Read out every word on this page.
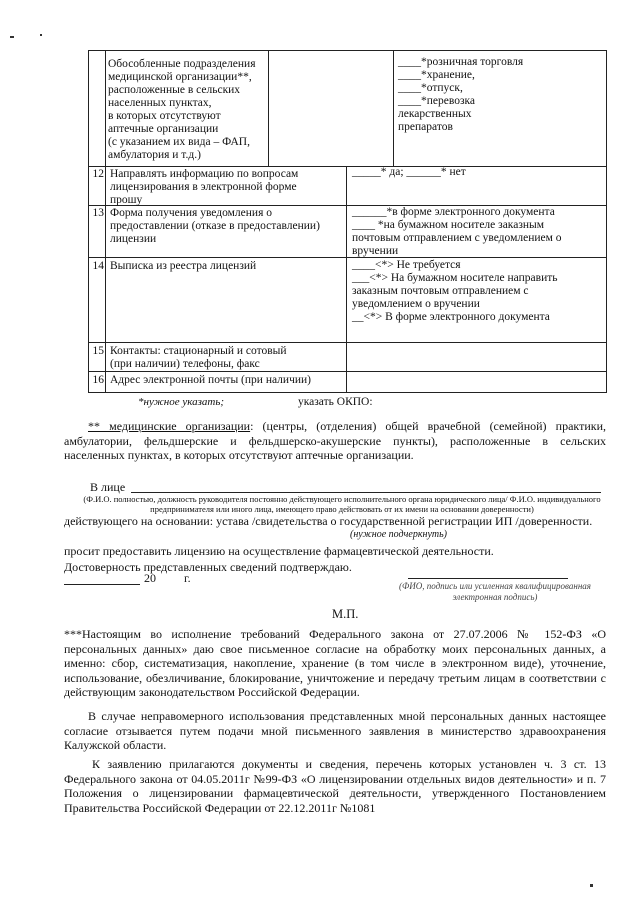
Обособленные подразделения
медицинской организации**,
расположенные в сельских
населенных пунктах,
в которых отсутствуют
аптечные организации
(с указанием их вида – ФАП,
амбулатория и т.д.)
____*розничная торговля
____*хранение,
____*отпуск,
____*перевозка
лекарственных
препаратов
12 Направлять информацию по вопросам
лицензирования в электронной форме
прошу
_____* да; ______* нет
13 Форма получения уведомления о
предоставлении (отказе в предоставлении)
лицензии
______*в форме электронного документа
____ *на бумажном носителе заказным
почтовым отправлением с уведомлением о
вручении
14 Выписка из реестра лицензий	____<*> Не требуется
___<*> На бумажном носителе направить
заказным почтовым отправлением с
уведомлением о вручении
__<*> В форме электронного документа
15 Контакты: стационарный и сотовый
(при наличии) телефоны, факс
16 Адрес электронной почты (при наличии)
*нужное указать;	указать ОКПО:
** медицинские организации: (центры, (отделения) общей врачебной (семейной) практики, амбулатории, фельдшерские и фельдшерско-акушерские пункты), расположенные в сельских населенных пунктах, в которых отсутствуют аптечные организации.
В лице
(Ф.И.О. полностью, должность руководителя постоянно действующего исполнительного органа юридического лица/ Ф.И.О. индивидуального предпринимателя или иного лица, имеющего право действовать от их имени на основании доверенности)
действующего на основании: устава /свидетельства о государственной регистрации ИП /доверенности.
(нужное подчеркнуть)
просит предоставить лицензию на осуществление фармацевтической деятельности.
Достоверность представленных сведений подтверждаю.
20 г.
(ФИО, подпись или усиленная квалифицированная электронная подпись)
М.П.
***Настоящим во исполнение требований Федерального закона от 27.07.2006 № 152-ФЗ «О персональных данных» даю свое письменное согласие на обработку моих персональных данных, а именно: сбор, систематизация, накопление, хранение (в том числе в электронном виде), уточнение, использование, обезличивание, блокирование, уничтожение и передачу третьим лицам в соответствии с действующим законодательством Российской Федерации.
В случае неправомерного использования представленных мной персональных данных настоящее согласие отзывается путем подачи мной письменного заявления в министерство здравоохранения Калужской области.
К заявлению прилагаются документы и сведения, перечень которых установлен ч. 3 ст. 13 Федерального закона от 04.05.2011г №99-ФЗ «О лицензировании отдельных видов деятельности» и п. 7 Положения о лицензировании фармацевтической деятельности, утвержденного Постановлением Правительства Российской Федерации от 22.12.2011г №1081
